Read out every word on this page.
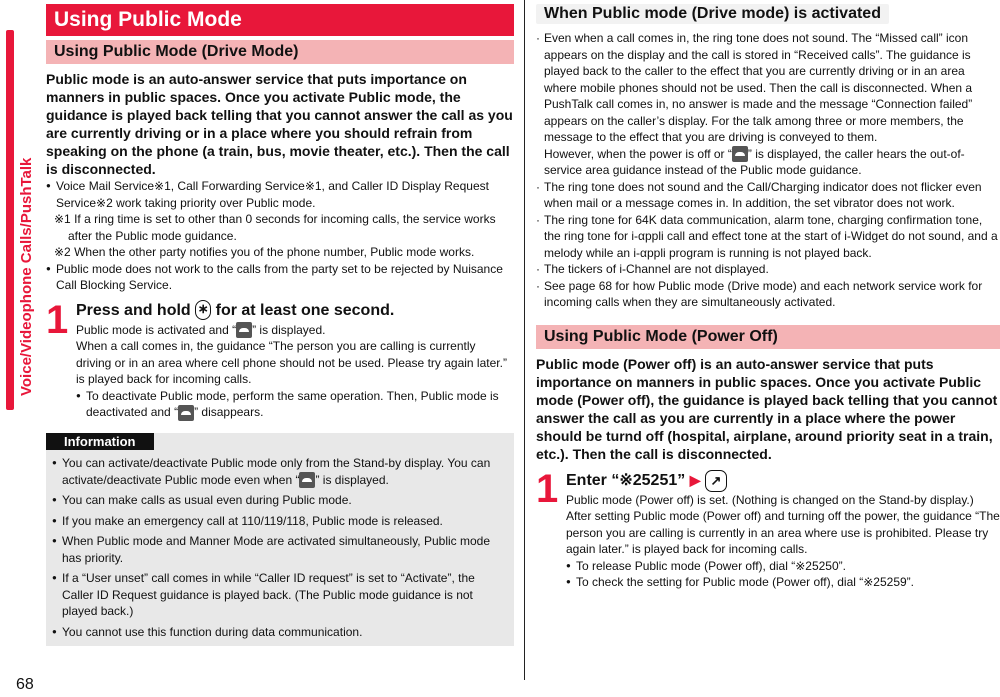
Voice/Videophone Calls/PushTalk
68
Using Public Mode
Using Public Mode (Drive Mode)
Public mode is an auto-answer service that puts importance on manners in public spaces. Once you activate Public mode, the guidance is played back telling that you cannot answer the call as you are currently driving or in a place where you should refrain from speaking on the phone (a train, bus, movie theater, etc.). Then the call is disconnected.
● Voice Mail Service※1, Call Forwarding Service※1, and Caller ID Display Request Service※2 work taking priority over Public mode.
※1 If a ring time is set to other than 0 seconds for incoming calls, the service works after the Public mode guidance.
※2 When the other party notifies you of the phone number, Public mode works.
● Public mode does not work to the calls from the party set to be rejected by Nuisance Call Blocking Service.
1 Press and hold ∗ for at least one second.
Public mode is activated and “ ” is displayed.
When a call comes in, the guidance “The person you are calling is currently driving or in an area where cell phone should not be used. Please try again later.” is played back for incoming calls.
● To deactivate Public mode, perform the same operation. Then, Public mode is deactivated and “ ” disappears.
Information
● You can activate/deactivate Public mode only from the Stand-by display. You can activate/deactivate Public mode even when “ ” is displayed.
● You can make calls as usual even during Public mode.
● If you make an emergency call at 110/119/118, Public mode is released.
● When Public mode and Manner Mode are activated simultaneously, Public mode has priority.
● If a “User unset” call comes in while “Caller ID request” is set to “Activate”, the Caller ID Request guidance is played back. (The Public mode guidance is not played back.)
● You cannot use this function during data communication.
When Public mode (Drive mode) is activated
· Even when a call comes in, the ring tone does not sound. The “Missed call” icon appears on the display and the call is stored in “Received calls”. The guidance is played back to the caller to the effect that you are currently driving or in an area where mobile phones should not be used. Then the call is disconnected. When a PushTalk call comes in, no answer is made and the message “Connection failed” appears on the caller’s display. For the talk among three or more members, the message to the effect that you are driving is conveyed to them.
However, when the power is off or “ ” is displayed, the caller hears the out-of-service area guidance instead of the Public mode guidance.
· The ring tone does not sound and the Call/Charging indicator does not flicker even when mail or a message comes in. In addition, the set vibrator does not work.
· The ring tone for 64K data communication, alarm tone, charging confirmation tone, the ring tone for i-αppli call and effect tone at the start of i-Widget do not sound, and a melody while an i-αppli program is running is not played back.
· The tickers of i-Channel are not displayed.
· See page 68 for how Public mode (Drive mode) and each network service work for incoming calls when they are simultaneously activated.
Using Public Mode (Power Off)
Public mode (Power off) is an auto-answer service that puts importance on manners in public spaces. Once you activate Public mode (Power off), the guidance is played back telling that you cannot answer the call as you are currently in a place where the power should be turnd off (hospital, airplane, around priority seat in a train, etc.). Then the call is disconnected.
1 Enter “※25251” ▶ ↗
Public mode (Power off) is set. (Nothing is changed on the Stand-by display.)
After setting Public mode (Power off) and turning off the power, the guidance “The person you are calling is currently in an area where use is prohibited. Please try again later.” is played back for incoming calls.
● To release Public mode (Power off), dial “※25250”.
● To check the setting for Public mode (Power off), dial “※25259”.
